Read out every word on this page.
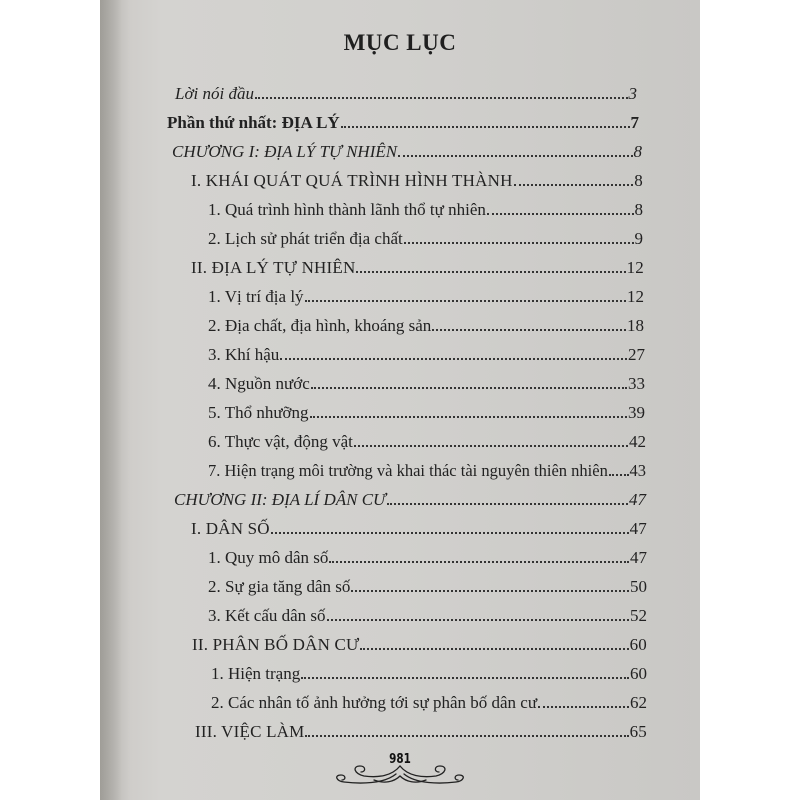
MỤC LỤC
Lời nói đầu	3
Phần thứ nhất: ĐỊA LÝ	7
CHƯƠNG I: ĐỊA LÝ TỰ NHIÊN	8
I. KHÁI QUÁT QUÁ TRÌNH HÌNH THÀNH	8
1. Quá trình hình thành lãnh thổ tự nhiên	8
2. Lịch sử phát triển địa chất	9
II. ĐỊA LÝ TỰ NHIÊN	12
1. Vị trí địa lý	12
2. Địa chất, địa hình, khoáng sản	18
3. Khí hậu	27
4. Nguồn nước	33
5. Thổ nhưỡng	39
6. Thực vật, động vật	42
7. Hiện trạng môi trường và khai thác tài nguyên thiên nhiên 43
CHƯƠNG II: ĐỊA LÍ DÂN CƯ	47
I. DÂN SỐ	47
1. Quy mô dân số	47
2. Sự gia tăng dân số	50
3. Kết cấu dân số	52
II. PHÂN BỐ DÂN CƯ	60
1. Hiện trạng	60
2. Các nhân tố ảnh hưởng tới sự phân bố dân cư	62
III. VIỆC LÀM	65
981
